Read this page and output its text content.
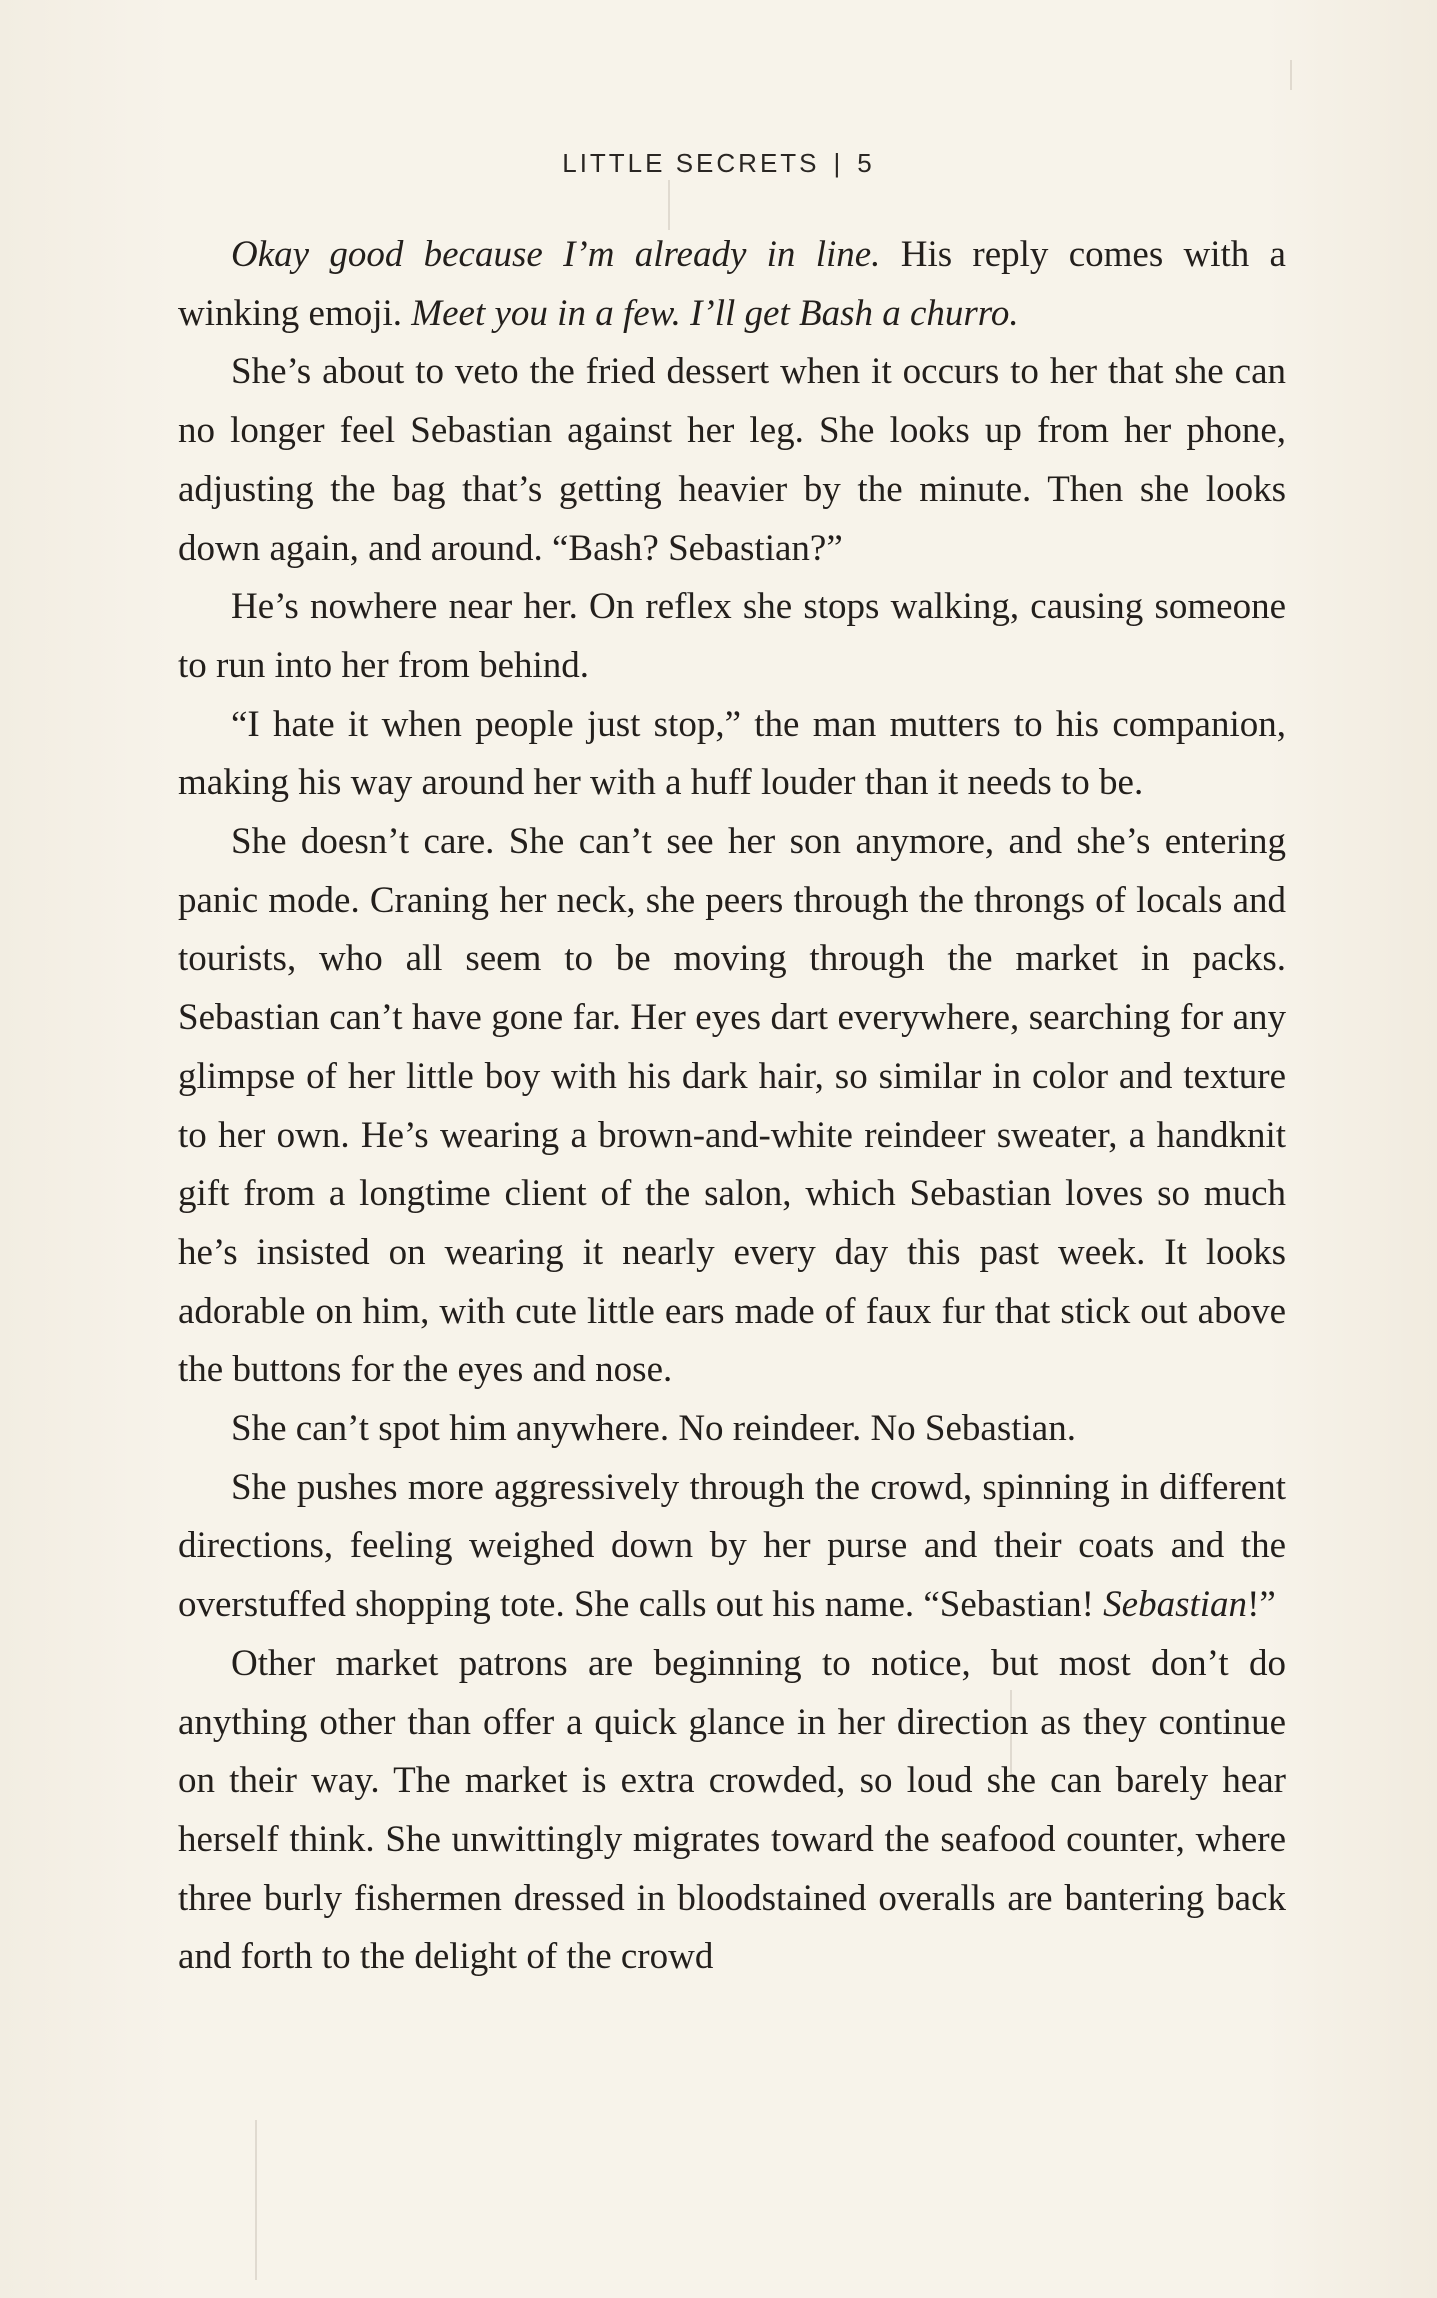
LITTLE SECRETS | 5

Okay good because I’m already in line. His reply comes with a winking emoji. Meet you in a few. I’ll get Bash a churro.

She’s about to veto the fried dessert when it occurs to her that she can no longer feel Sebastian against her leg. She looks up from her phone, adjusting the bag that’s getting heavier by the minute. Then she looks down again, and around. “Bash? Sebastian?”

He’s nowhere near her. On reflex she stops walking, causing someone to run into her from behind.

“I hate it when people just stop,” the man mutters to his companion, making his way around her with a huff louder than it needs to be.

She doesn’t care. She can’t see her son anymore, and she’s entering panic mode. Craning her neck, she peers through the throngs of locals and tourists, who all seem to be moving through the market in packs. Sebastian can’t have gone far. Her eyes dart everywhere, searching for any glimpse of her little boy with his dark hair, so similar in color and texture to her own. He’s wearing a brown-and-white reindeer sweater, a handknit gift from a longtime client of the salon, which Sebastian loves so much he’s insisted on wearing it nearly every day this past week. It looks adorable on him, with cute little ears made of faux fur that stick out above the buttons for the eyes and nose.

She can’t spot him anywhere. No reindeer. No Sebastian.

She pushes more aggressively through the crowd, spinning in different directions, feeling weighed down by her purse and their coats and the overstuffed shopping tote. She calls out his name. “Sebastian! Sebastian!”

Other market patrons are beginning to notice, but most don’t do anything other than offer a quick glance in her direction as they continue on their way. The market is extra crowded, so loud she can barely hear herself think. She unwittingly migrates toward the seafood counter, where three burly fishermen dressed in bloodstained overalls are bantering back and forth to the delight of the crowd
